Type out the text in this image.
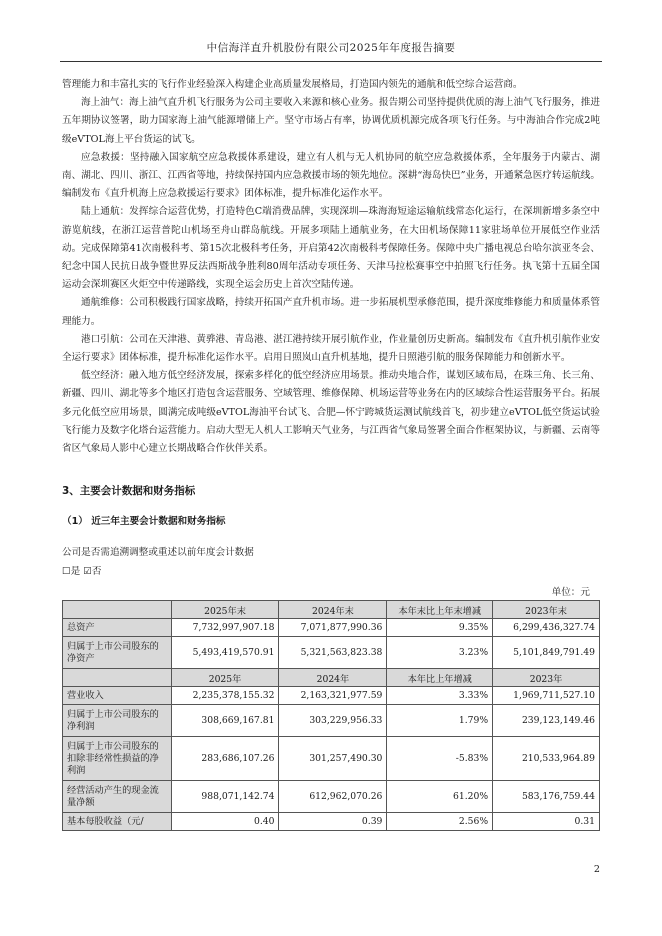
中信海洋直升机股份有限公司2025年年度报告摘要

管理能力和丰富扎实的飞行作业经验深入构建企业高质量发展格局，打造国内领先的通航和低空综合运营商。

海上油气：海上油气直升机飞行服务为公司主要收入来源和核心业务。报告期公司坚持提供优质的海上油气飞行服务，推进五年期协议签署，助力国家海上油气能源增储上产。坚守市场占有率，协调优质机源完成各项飞行任务。与中海油合作完成2吨级eVTOL海上平台货运的试飞。

应急救援：坚持融入国家航空应急救援体系建设，建立有人机与无人机协同的航空应急救援体系，全年服务于内蒙古、湖南、湖北、四川、浙江、江西省等地，持续保持国内应急救援市场的领先地位。深耕“海岛快巴”业务，开通紧急医疗转运航线。编制发布《直升机海上应急救援运行要求》团体标准，提升标准化运作水平。

陆上通航：发挥综合运营优势，打造特色C端消费品牌，实现深圳—珠海海短途运输航线常态化运行，在深圳新增多条空中游览航线，在浙江运营普陀山机场至舟山群岛航线。开展多项陆上通航业务，在大田机场保障11家驻场单位开展低空作业活动。完成保障第41次南极科考、第15次北极科考任务，开启第42次南极科考保障任务。保障中央广播电视总台哈尔滨亚冬会、纪念中国人民抗日战争暨世界反法西斯战争胜利80周年活动专项任务、天津马拉松赛事空中拍照飞行任务。执飞第十五届全国运动会深圳赛区火炬空中传递路线，实现全运会历史上首次空陆传递。

通航维修：公司积极践行国家战略，持续开拓国产直升机市场。进一步拓展机型承修范围，提升深度维修能力和质量体系管理能力。

港口引航：公司在天津港、黄骅港、青岛港、湛江港持续开展引航作业，作业量创历史新高。编制发布《直升机引航作业安全运行要求》团体标准，提升标准化运作水平。启用日照岚山直升机基地，提升日照港引航的服务保障能力和创新水平。

低空经济：融入地方低空经济发展，探索多样化的低空经济应用场景。推动央地合作，谋划区域布局，在珠三角、长三角、新疆、四川、湖北等多个地区打造包含运营服务、空域管理、维修保障、机场运营等业务在内的区域综合性运营服务平台。拓展多元化低空应用场景，圆满完成吨级eVTOL海油平台试飞、合肥—怀宁跨城货运测试航线首飞，初步建立eVTOL低空货运试验飞行能力及数字化塔台运营能力。启动大型无人机人工影响天气业务，与江西省气象局签署全面合作框架协议，与新疆、云南等省区气象局人影中心建立长期战略合作伙伴关系。

3、主要会计数据和财务指标
（1） 近三年主要会计数据和财务指标
公司是否需追溯调整或重述以前年度会计数据
☐是 ☑否
单位：元
	2025年末	2024年末	本年末比上年末增减	2023年末
总资产	7,732,997,907.18	7,071,877,990.36	9.35%	6,299,436,327.74
归属于上市公司股东的净资产	5,493,419,570.91	5,321,563,823.38	3.23%	5,101,849,791.49
	2025年	2024年	本年比上年增减	2023年
营业收入	2,235,378,155.32	2,163,321,977.59	3.33%	1,969,711,527.10
归属于上市公司股东的净利润	308,669,167.81	303,229,956.33	1.79%	239,123,149.46
归属于上市公司股东的扣除非经常性损益的净利润	283,686,107.26	301,257,490.30	-5.83%	210,533,964.89
经营活动产生的现金流量净额	988,071,142.74	612,962,070.26	61.20%	583,176,759.44
基本每股收益（元/	0.40	0.39	2.56%	0.31
2
